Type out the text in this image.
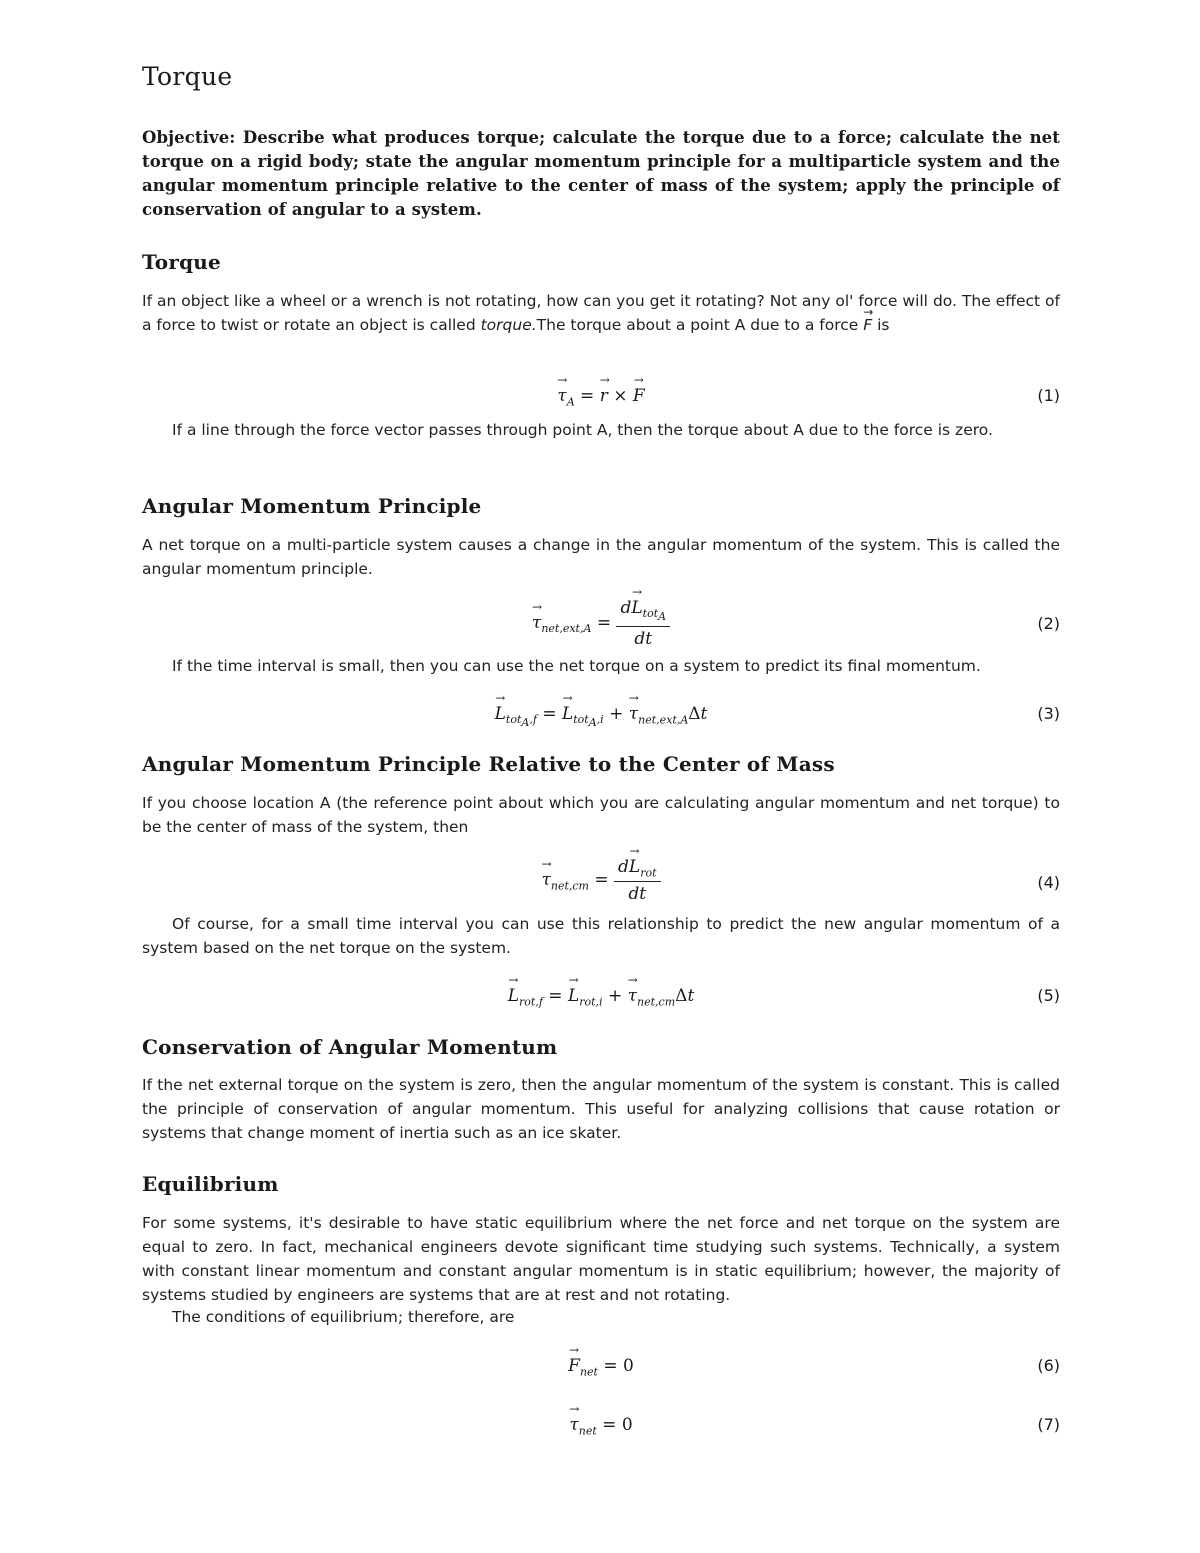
Torque
Objective: Describe what produces torque; calculate the torque due to a force; calculate the net torque on a rigid body; state the angular momentum principle for a multiparticle system and the angular momentum principle relative to the center of mass of the system; apply the principle of conservation of angular to a system.
Torque

If an object like a wheel or a wrench is not rotating, how can you get it rotating? Not any ol' force will do. The effect of a force to twist or rotate an object is called torque.The torque about a point A due to a force → F is

→ $\tau_A$ = → r × → F	(1)

If a line through the force vector passes through point A, then the torque about A due to the force is zero.

Angular Momentum Principle

A net torque on a multi-particle system causes a change in the angular momentum of the system. This is called the angular momentum principle.

→ $\tau_{net,ext,A} = \frac{d\to L_{tot_A}}{dt}$	(2)

If the time interval is small, then you can use the net torque on a system to predict its final momentum.

→ $L_{tot_A,f}$ = → $L_{tot_A,i}$ + → $\tau_{net,ext,A}\Delta t$	(3)
Angular Momentum Principle Relative to the Center of Mass

If you choose location A (the reference point about which you are calculating angular momentum and net torque) to be the center of mass of the system, then

→ $\tau_{net,cm} = \frac{d\to L_{rot}}{dt}$	(4)

Of course, for a small time interval you can use this relationship to predict the new angular momentum of a system based on the net torque on the system.

→ $L_{rot,f}$ = → $L_{rot,i}$ + → $\tau_{net,cm}\Delta t$	(5)
Conservation of Angular Momentum

If the net external torque on the system is zero, then the angular momentum of the system is constant. This is called the principle of conservation of angular momentum. This useful for analyzing collisions that cause rotation or systems that change moment of inertia such as an ice skater.

Equilibrium

For some systems, it's desirable to have static equilibrium where the net force and net torque on the system are equal to zero. In fact, mechanical engineers devote significant time studying such systems. Technically, a system with constant linear momentum and constant angular momentum is in static equilibrium; however, the majority of systems studied by engineers are systems that are at rest and not rotating.

The conditions of equilibrium; therefore, are

→ $F_{net} = 0$	(6)
→ $\tau_{net} = 0$	(7)
